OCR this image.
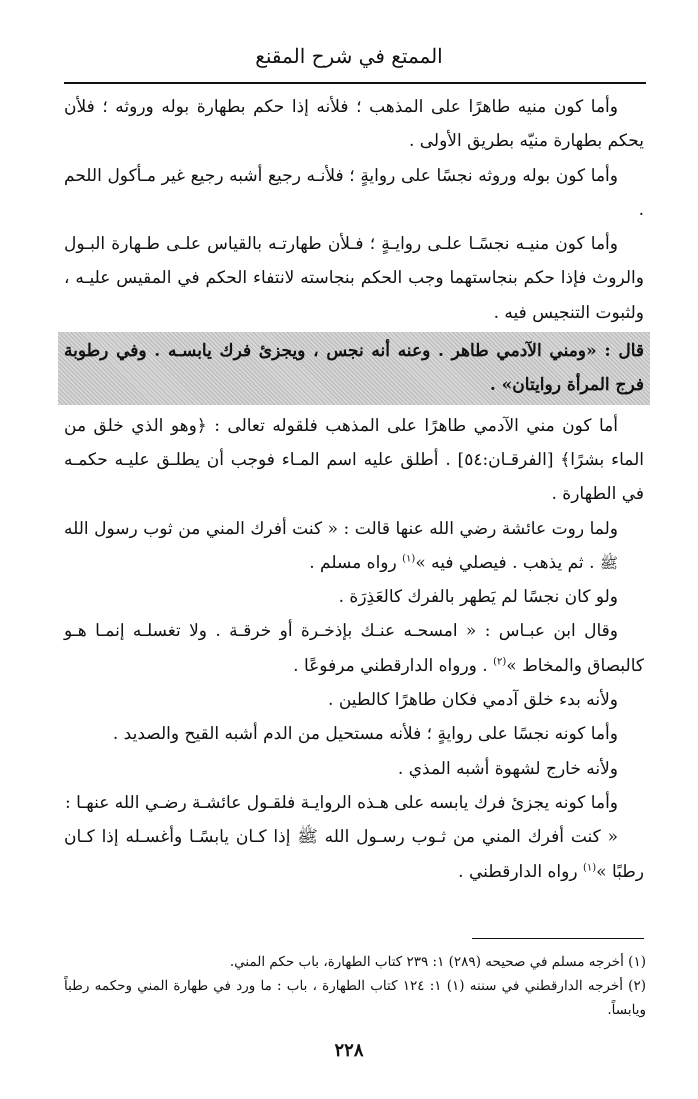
الممتع في شرح المقنع

وأما كون منيه طاهرًا على المذهب ؛ فلأنه إذا حكم بطهارة بوله وروثه ؛ فلأن يحكم بطهارة منيّه بطريق الأولى .

وأما كون بوله وروثه نجسًا على روايةٍ ؛ فلأنـه رجيع أشبه رجيع غير مـأكول اللحم .

وأما كون منيـه نجسًـا علـى روايـةٍ ؛ فـلأن طهارتـه بالقياس علـى طـهارة البـول والروث فإذا حكم بنجاستهما وجب الحكم بنجاسته لانتفاء الحكم في المقيس عليـه ، ولثبوت التنجيس فيه .

قال : «ومني الآدمي طاهر . وعنه أنه نجس ، ويجزئ فرك يابسـه . وفي رطوبة فرج المرأة روايتان» .

أما كون مني الآدمي طاهرًا على المذهب فلقوله تعالى : ﴿وهو الذي خلق من الماء بشرًا﴾ [الفرقـان:٥٤] . أطلق عليه اسم المـاء فوجب أن يطلـق عليـه حكمـه في الطهارة .

ولما روت عائشة رضي الله عنها قالت : « كنت أفرك المني من ثوب رسول الله ﷺ . ثم يذهب . فيصلي فيه »$^{(١)}$ رواه مسلم .

ولو كان نجسًا لم يَطهر بالفرك كالعَذِرَة .

وقال ابن عبـاس : « امسحـه عنـك بإذخـرة أو خرقـة . ولا تغسلـه إنمـا هـو كالبصاق والمخاط »$^{(٢)}$ . ورواه الدارقطني مرفوعًا .

ولأنه بدء خلق آدمي فكان طاهرًا كالطين .

وأما كونه نجسًا على روايةٍ ؛ فلأنه مستحيل من الدم أشبه القيح والصديد .

ولأنه خارج لشهوة أشبه المذي .

وأما كونه يجزئ فرك يابسه على هـذه الروايـة فلقـول عائشـة رضـي الله عنهـا :

« كنت أفرك المني من ثـوب رسـول الله ﷺ إذا كـان يابسًـا وأغسـله إذا كـان رطبًا »$^{(١)}$ رواه الدارقطني .

(١) أخرجه مسلم في صحيحه (٢٨٩) ١: ٢٣٩ كتاب الطهارة، باب حكم المني.

(٢) أخرجه الدارقطني في سننه (١) ١: ١٢٤ كتاب الطهارة ، باب : ما ورد في طهارة المني وحكمه رطباً ويابساً.

٢٢٨
